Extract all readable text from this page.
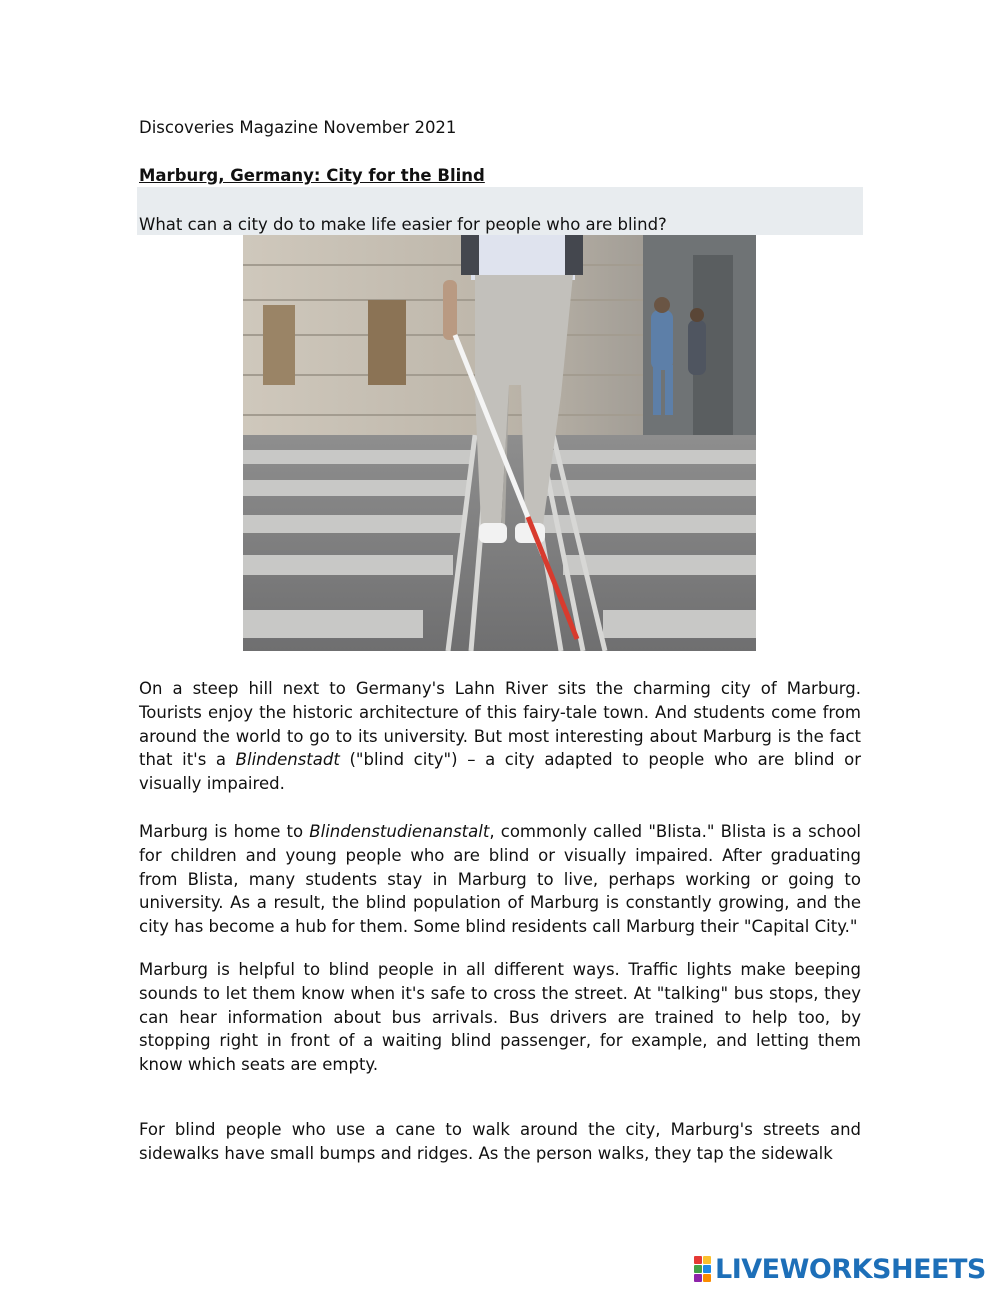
Discoveries Magazine November 2021
Marburg, Germany: City for the Blind
What can a city do to make life easier for people who are blind?

On a steep hill next to Germany's Lahn River sits the charming city of Marburg. Tourists enjoy the historic architecture of this fairy-tale town. And students come from around the world to go to its university. But most interesting about Marburg is the fact that it's a Blindenstadt ("blind city") – a city adapted to people who are blind or visually impaired.

Marburg is home to Blindenstudienanstalt, commonly called "Blista." Blista is a school for children and young people who are blind or visually impaired. After graduating from Blista, many students stay in Marburg to live, perhaps working or going to university. As a result, the blind population of Marburg is constantly growing, and the city has become a hub for them. Some blind residents call Marburg their "Capital City."

Marburg is helpful to blind people in all different ways. Traffic lights make beeping sounds to let them know when it's safe to cross the street. At "talking" bus stops, they can hear information about bus arrivals. Bus drivers are trained to help too, by stopping right in front of a waiting blind passenger, for example, and letting them know which seats are empty.

For blind people who use a cane to walk around the city, Marburg's streets and sidewalks have small bumps and ridges. As the person walks, they tap the sidewalk

LIVEWORKSHEETS
